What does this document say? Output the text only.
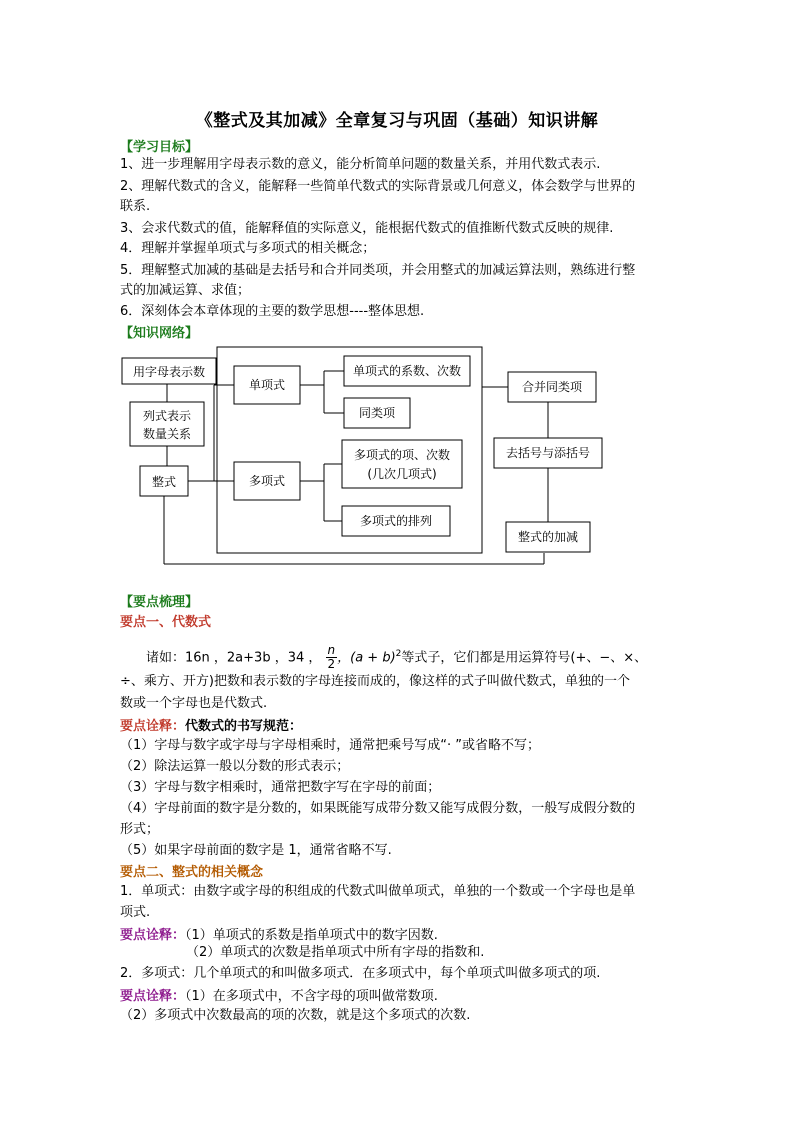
《整式及其加减》全章复习与巩固（基础）知识讲解
【学习目标】
1、进一步理解用字母表示数的意义，能分析简单问题的数量关系，并用代数式表示.
2、理解代数式的含义，能解释一些简单代数式的实际背景或几何意义，体会数学与世界的
联系.
3、会求代数式的值，能解释值的实际意义，能根据代数式的值推断代数式反映的规律.
4．理解并掌握单项式与多项式的相关概念；
5．理解整式加减的基础是去括号和合并同类项，并会用整式的加减运算法则，熟练进行整
式的加减运算、求值；
6．深刻体会本章体现的主要的数学思想----整体思想.
【知识网络】
用字母表示数
列式表示
数量关系
整式
单项式
多项式
单项式的系数、次数
同类项
多项式的项、次数
(几次几项式)
多项式的排列
合并同类项
去括号与添括号
整式的加减
【要点梳理】
要点一、代数式
诸如：16n ，2a+3b ，34 ， $\frac{n}{2}$ ，$(a + b)^2$等式子，它们都是用运算符号(+、−、×、
÷、乘方、开方)把数和表示数的字母连接而成的，像这样的式子叫做代数式，单独的一个
数或一个字母也是代数式.
要点诠释：代数式的书写规范：
（1）字母与数字或字母与字母相乘时，通常把乘号写成“· ”或省略不写；
（2）除法运算一般以分数的形式表示；
（3）字母与数字相乘时，通常把数字写在字母的前面；
（4）字母前面的数字是分数的，如果既能写成带分数又能写成假分数，一般写成假分数的
形式；
（5）如果字母前面的数字是 1，通常省略不写.
要点二、整式的相关概念
1．单项式：由数字或字母的积组成的代数式叫做单项式，单独的一个数或一个字母也是单
项式.
要点诠释：（1）单项式的系数是指单项式中的数字因数.
（2）单项式的次数是指单项式中所有字母的指数和.
2．多项式：几个单项式的和叫做多项式．在多项式中，每个单项式叫做多项式的项.
要点诠释：（1）在多项式中，不含字母的项叫做常数项.
（2）多项式中次数最高的项的次数，就是这个多项式的次数.
